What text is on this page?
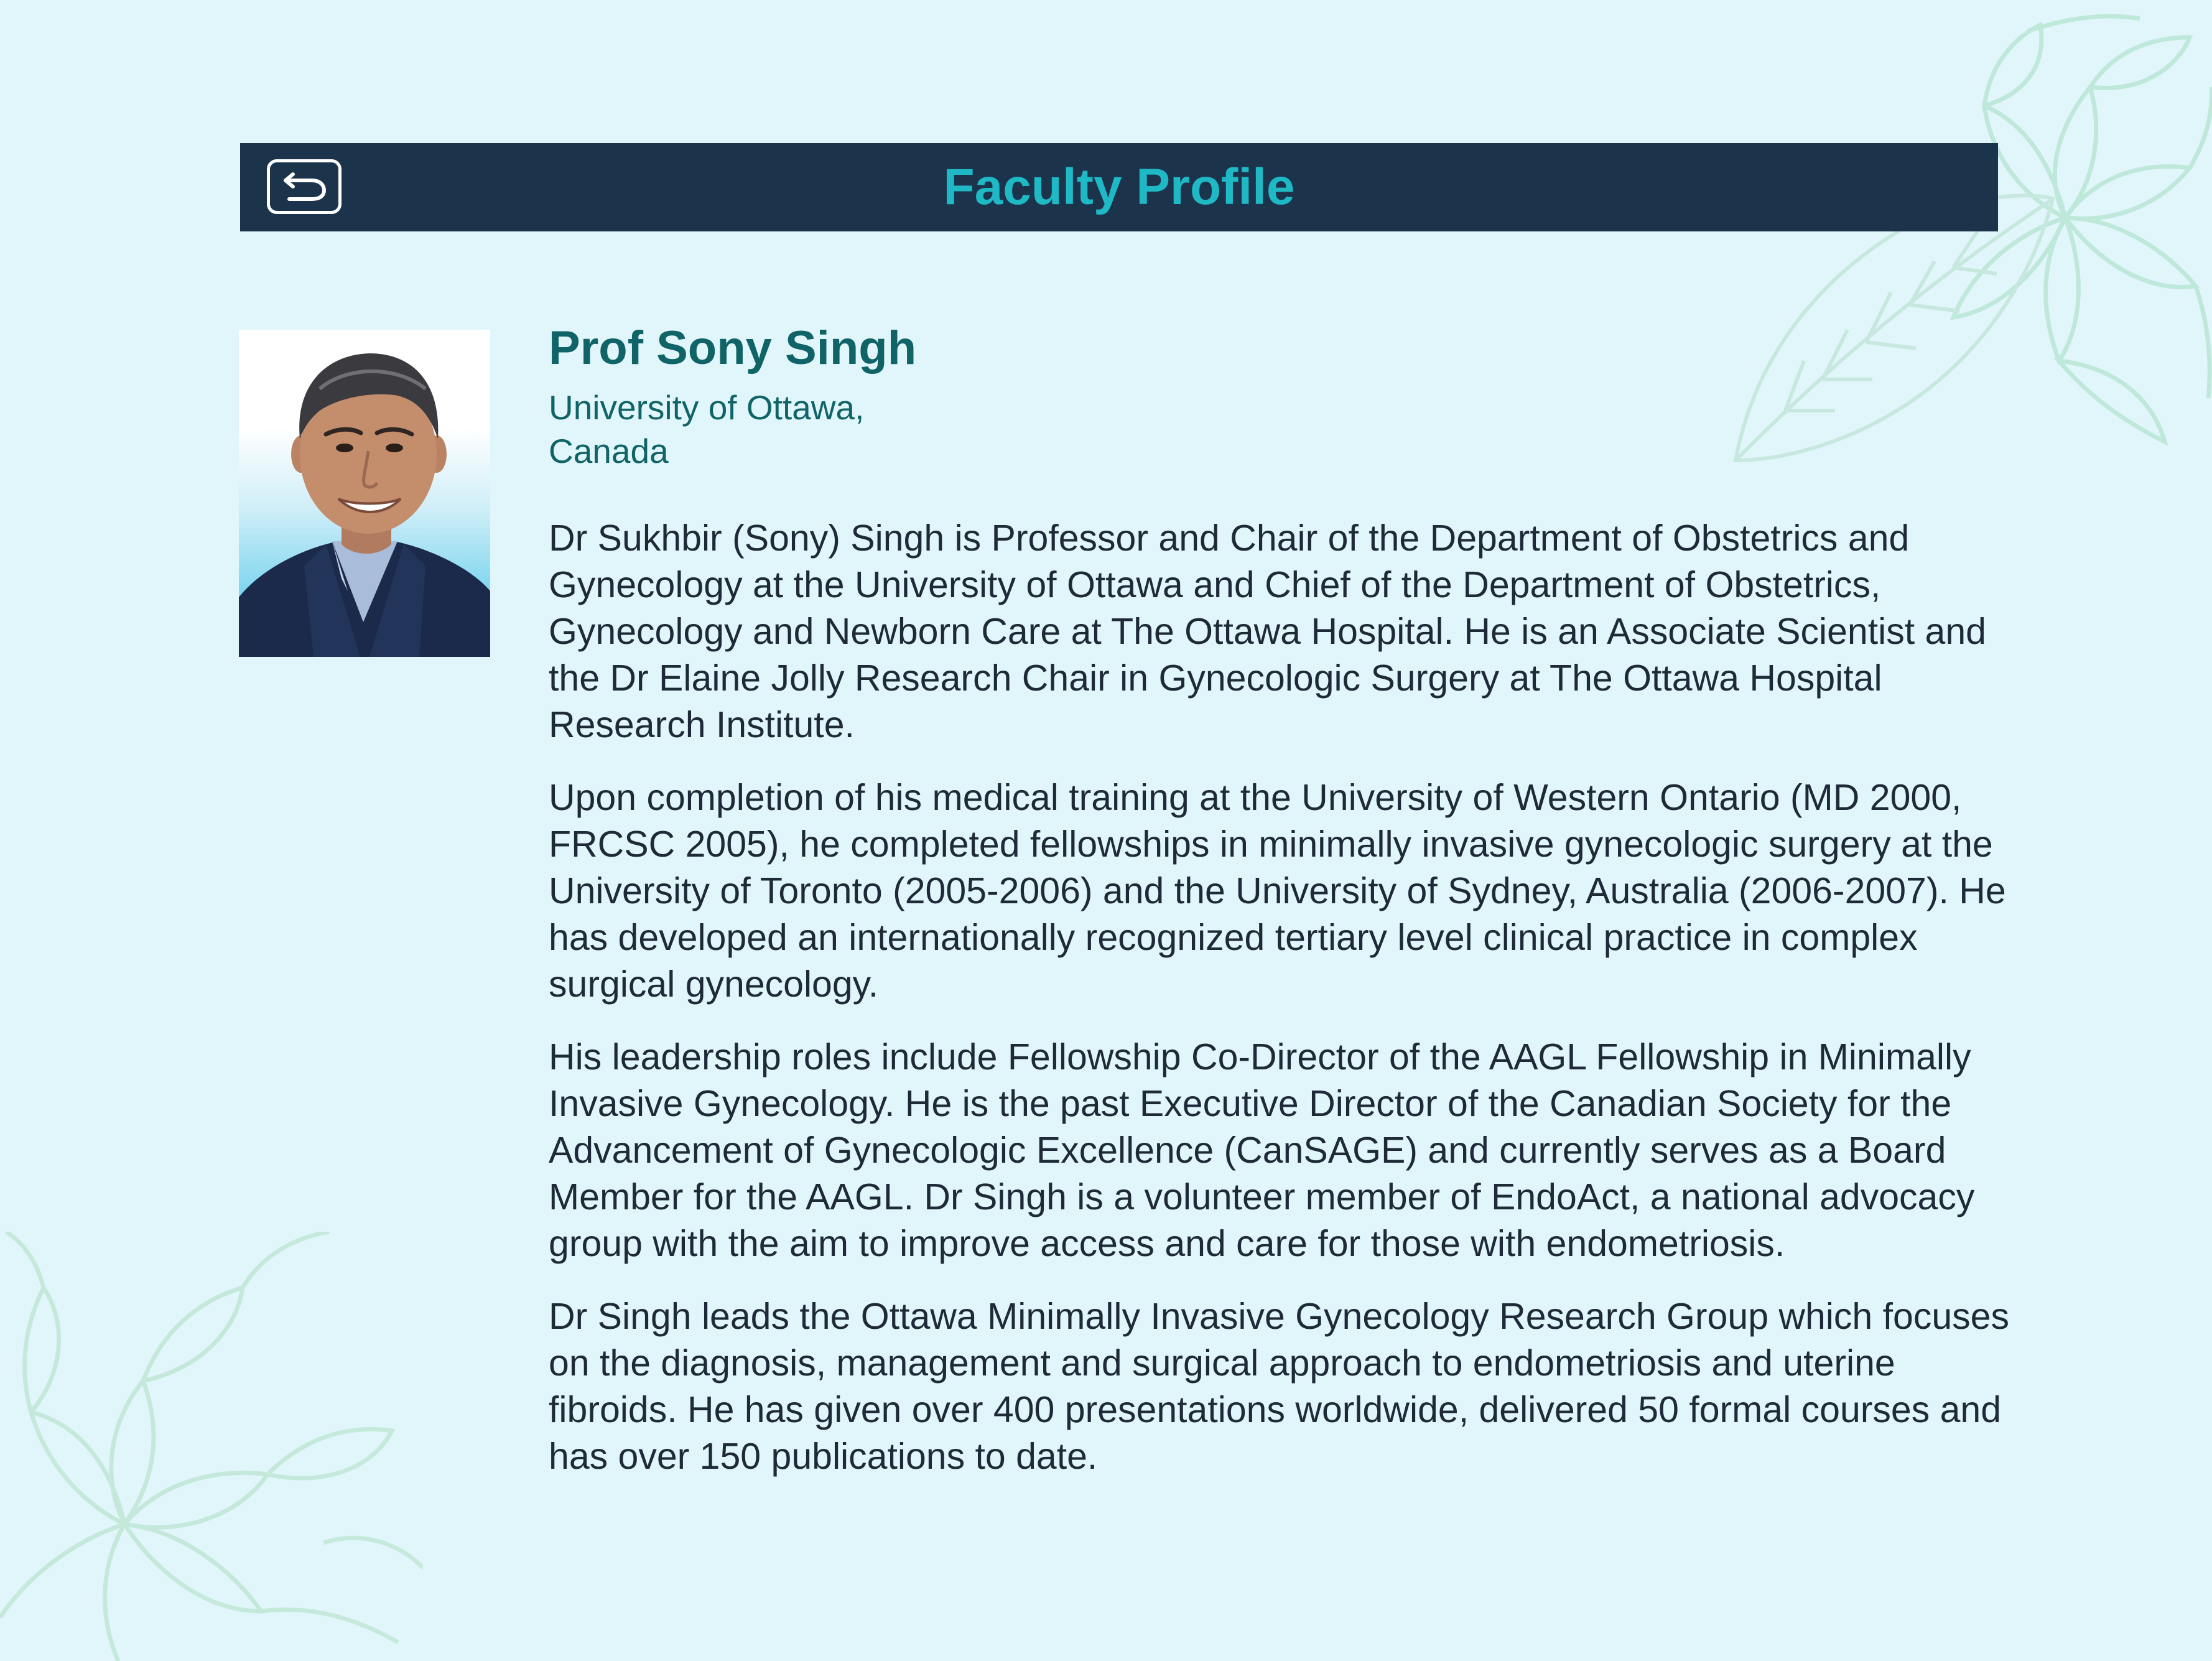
Faculty Profile
Prof Sony Singh
University of Ottawa,
Canada

Dr Sukhbir (Sony) Singh is Professor and Chair of the Department of Obstetrics and Gynecology at the University of Ottawa and Chief of the Department of Obstetrics, Gynecology and Newborn Care at The Ottawa Hospital. He is an Associate Scientist and the Dr Elaine Jolly Research Chair in Gynecologic Surgery at The Ottawa Hospital Research Institute.

Upon completion of his medical training at the University of Western Ontario (MD 2000, FRCSC 2005), he completed fellowships in minimally invasive gynecologic surgery at the University of Toronto (2005-2006) and the University of Sydney, Australia (2006-2007). He has developed an internationally recognized tertiary level clinical practice in complex surgical gynecology.

His leadership roles include Fellowship Co-Director of the AAGL Fellowship in Minimally Invasive Gynecology. He is the past Executive Director of the Canadian Society for the Advancement of Gynecologic Excellence (CanSAGE) and currently serves as a Board Member for the AAGL. Dr Singh is a volunteer member of EndoAct, a national advocacy group with the aim to improve access and care for those with endometriosis.

Dr Singh leads the Ottawa Minimally Invasive Gynecology Research Group which focuses on the diagnosis, management and surgical approach to endometriosis and uterine fibroids. He has given over 400 presentations worldwide, delivered 50 formal courses and has over 150 publications to date.
